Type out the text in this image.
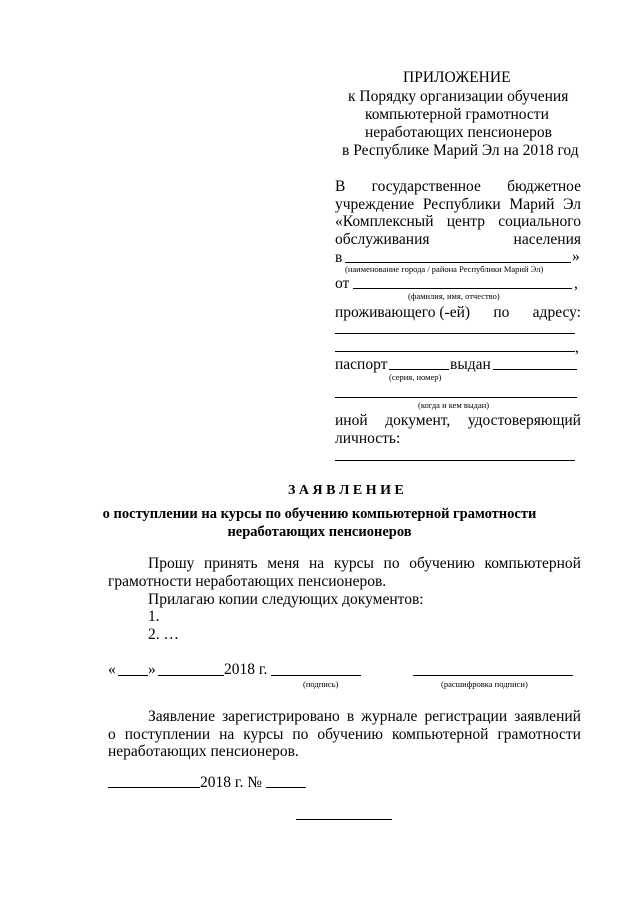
ПРИЛОЖЕНИЕ
к Порядку организации обучения
компьютерной грамотности
неработающих пенсионеров
в Республике Марий Эл на 2018 год
В государственное бюджетное
учреждение Республики Марий Эл
«Комплексный центр социального
обслуживания	населения
в	»
(наименование города / района Республики Марий Эл)
от	,
(фамилия, имя, отчество)
проживающего (-ей) по адресу:
,
паспорт	выдан
(серия, номер)
(когда и кем выдан)
иной документ, удостоверяющий
личность:
З А Я В Л Е Н И Е
о поступлении на курсы по обучению компьютерной грамотности
неработающих пенсионеров
Прошу принять меня на курсы по обучению компьютерной
грамотности неработающих пенсионеров.
Прилагаю копии следующих документов:
1.
2. …
« »	2018 г.
(подпись)	(расшифровка подписи)
Заявление зарегистрировано в журнале регистрации заявлений
о поступлении на курсы по обучению компьютерной грамотности
неработающих пенсионеров.
2018 г. №
